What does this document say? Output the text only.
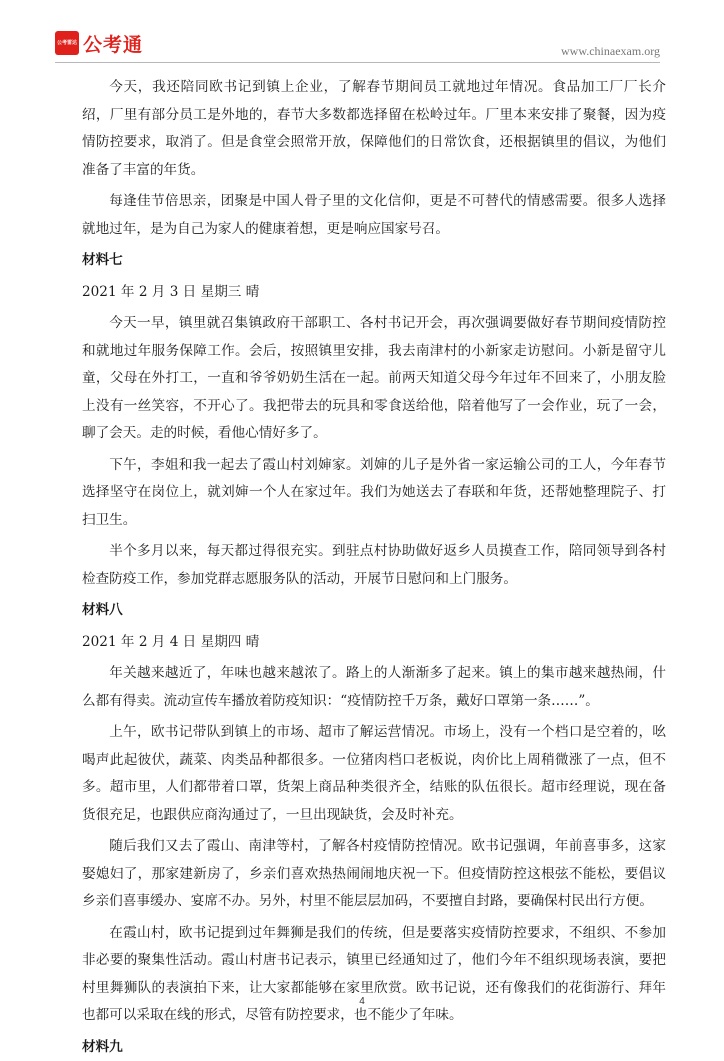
公考雷达 公考通	www.chinaexam.org

今天，我还陪同欧书记到镇上企业，了解春节期间员工就地过年情况。食品加工厂厂长介绍，厂里有部分员工是外地的，春节大多数都选择留在松岭过年。厂里本来安排了聚餐，因为疫情防控要求，取消了。但是食堂会照常开放，保障他们的日常饮食，还根据镇里的倡议，为他们准备了丰富的年货。

每逢佳节倍思亲，团聚是中国人骨子里的文化信仰，更是不可替代的情感需要。很多人选择就地过年，是为自己为家人的健康着想，更是响应国家号召。

材料七

2021 年 2 月 3 日 星期三 晴

今天一早，镇里就召集镇政府干部职工、各村书记开会，再次强调要做好春节期间疫情防控和就地过年服务保障工作。会后，按照镇里安排，我去南津村的小新家走访慰问。小新是留守儿童，父母在外打工，一直和爷爷奶奶生活在一起。前两天知道父母今年过年不回来了，小朋友脸上没有一丝笑容，不开心了。我把带去的玩具和零食送给他，陪着他写了一会作业，玩了一会，聊了会天。走的时候，看他心情好多了。

下午，李姐和我一起去了霞山村刘婶家。刘婶的儿子是外省一家运输公司的工人，今年春节选择坚守在岗位上，就刘婶一个人在家过年。我们为她送去了春联和年货，还帮她整理院子、打扫卫生。

半个多月以来，每天都过得很充实。到驻点村协助做好返乡人员摸查工作，陪同领导到各村检查防疫工作，参加党群志愿服务队的活动，开展节日慰问和上门服务。

材料八

2021 年 2 月 4 日 星期四 晴

年关越来越近了，年味也越来越浓了。路上的人渐渐多了起来。镇上的集市越来越热闹，什么都有得卖。流动宣传车播放着防疫知识：“疫情防控千万条，戴好口罩第一条……”。

上午，欧书记带队到镇上的市场、超市了解运营情况。市场上，没有一个档口是空着的，吆喝声此起彼伏，蔬菜、肉类品种都很多。一位猪肉档口老板说，肉价比上周稍微涨了一点，但不多。超市里，人们都带着口罩，货架上商品种类很齐全，结账的队伍很长。超市经理说，现在备货很充足，也跟供应商沟通过了，一旦出现缺货，会及时补充。

随后我们又去了霞山、南津等村，了解各村疫情防控情况。欧书记强调，年前喜事多，这家娶媳妇了，那家建新房了，乡亲们喜欢热热闹闹地庆祝一下。但疫情防控这根弦不能松，要倡议乡亲们喜事缓办、宴席不办。另外，村里不能层层加码，不要擅自封路，要确保村民出行方便。

在霞山村，欧书记提到过年舞狮是我们的传统，但是要落实疫情防控要求，不组织、不参加非必要的聚集性活动。霞山村唐书记表示，镇里已经通知过了，他们今年不组织现场表演，要把村里舞狮队的表演拍下来，让大家都能够在家里欣赏。欧书记说，还有像我们的花街游行、拜年也都可以采取在线的形式，尽管有防控要求，也不能少了年味。

材料九

4
